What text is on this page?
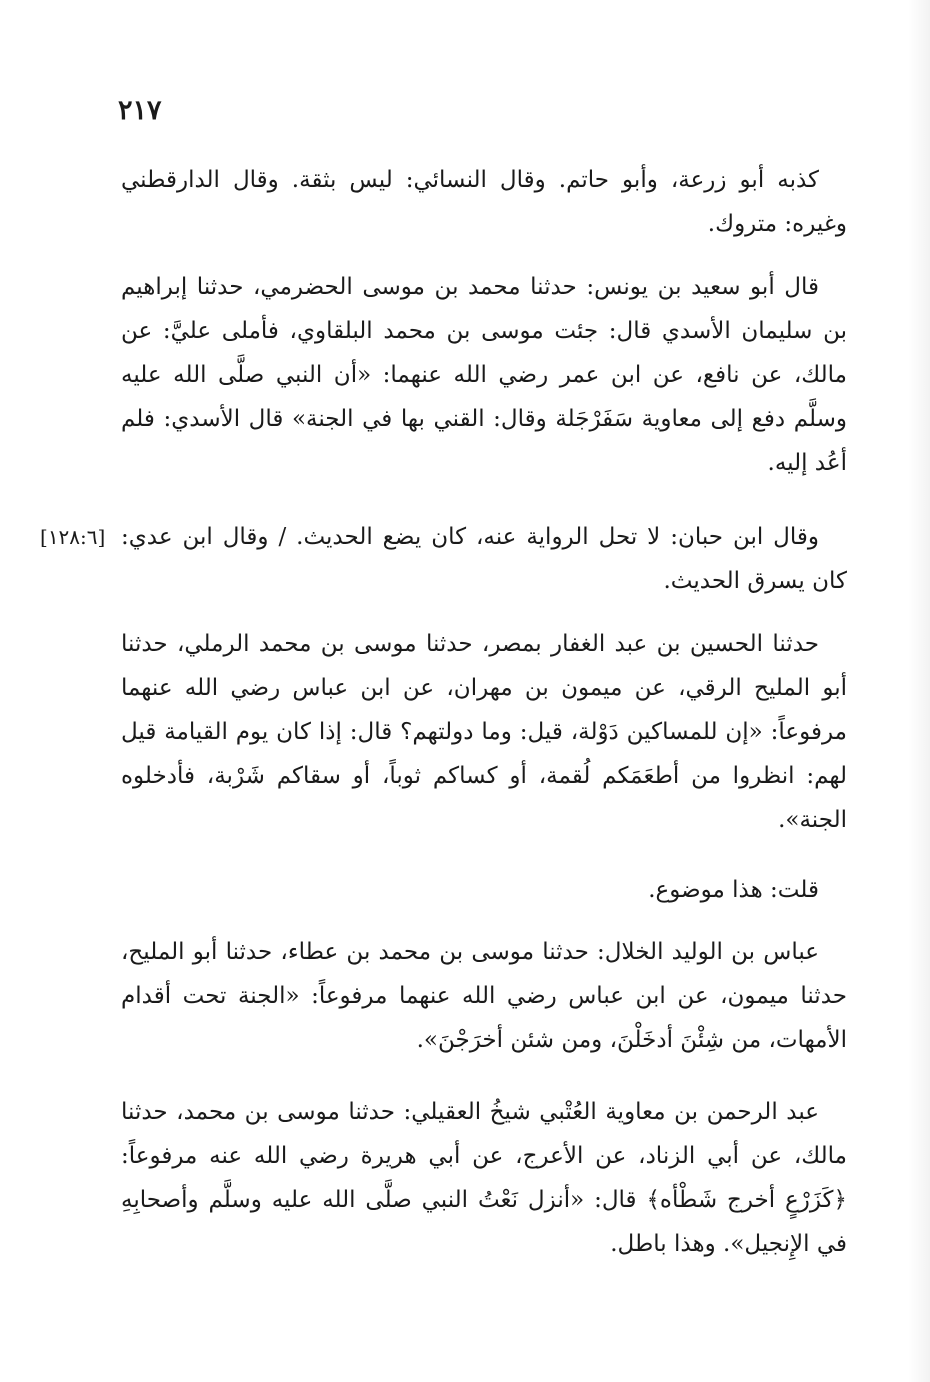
٢١٧
[١٢٨:٦]

كذبه أبو زرعة، وأبو حاتم. وقال النسائي: ليس بثقة. وقال الدارقطني وغيره: متروك.

قال أبو سعيد بن يونس: حدثنا محمد بن موسى الحضرمي، حدثنا إبراهيم بن سليمان الأسدي قال: جئت موسى بن محمد البلقاوي، فأملى عليَّ: عن مالك، عن نافع، عن ابن عمر رضي الله عنهما: «أن النبي صلَّى الله عليه وسلَّم دفع إلى معاوية سَفَرْجَلة وقال: القني بها في الجنة» قال الأسدي: فلم أعُد إليه.

وقال ابن حبان: لا تحل الرواية عنه، كان يضع الحديث. / وقال ابن عدي: كان يسرق الحديث.

حدثنا الحسين بن عبد الغفار بمصر، حدثنا موسى بن محمد الرملي، حدثنا أبو المليح الرقي، عن ميمون بن مهران، عن ابن عباس رضي الله عنهما مرفوعاً: «إن للمساكين دَوْلة، قيل: وما دولتهم؟ قال: إذا كان يوم القيامة قيل لهم: انظروا من أطعَمَكم لُقمة، أو كساكم ثوباً، أو سقاكم شَرْبة، فأدخلوه الجنة».

قلت: هذا موضوع.

عباس بن الوليد الخلال: حدثنا موسى بن محمد بن عطاء، حدثنا أبو المليح، حدثنا ميمون، عن ابن عباس رضي الله عنهما مرفوعاً: «الجنة تحت أقدام الأمهات، من شِئْنَ أدخَلْنَ، ومن شئن أخرَجْنَ».

عبد الرحمن بن معاوية العُتْبي شيخُ العقيلي: حدثنا موسى بن محمد، حدثنا مالك، عن أبي الزناد، عن الأعرج، عن أبي هريرة رضي الله عنه مرفوعاً: ﴿كَزَرْعٍ أخرج شَطْأه﴾ قال: «أنزل نَعْتُ النبي صلَّى الله عليه وسلَّم وأصحابِهِ في الإِنجيل». وهذا باطل.
